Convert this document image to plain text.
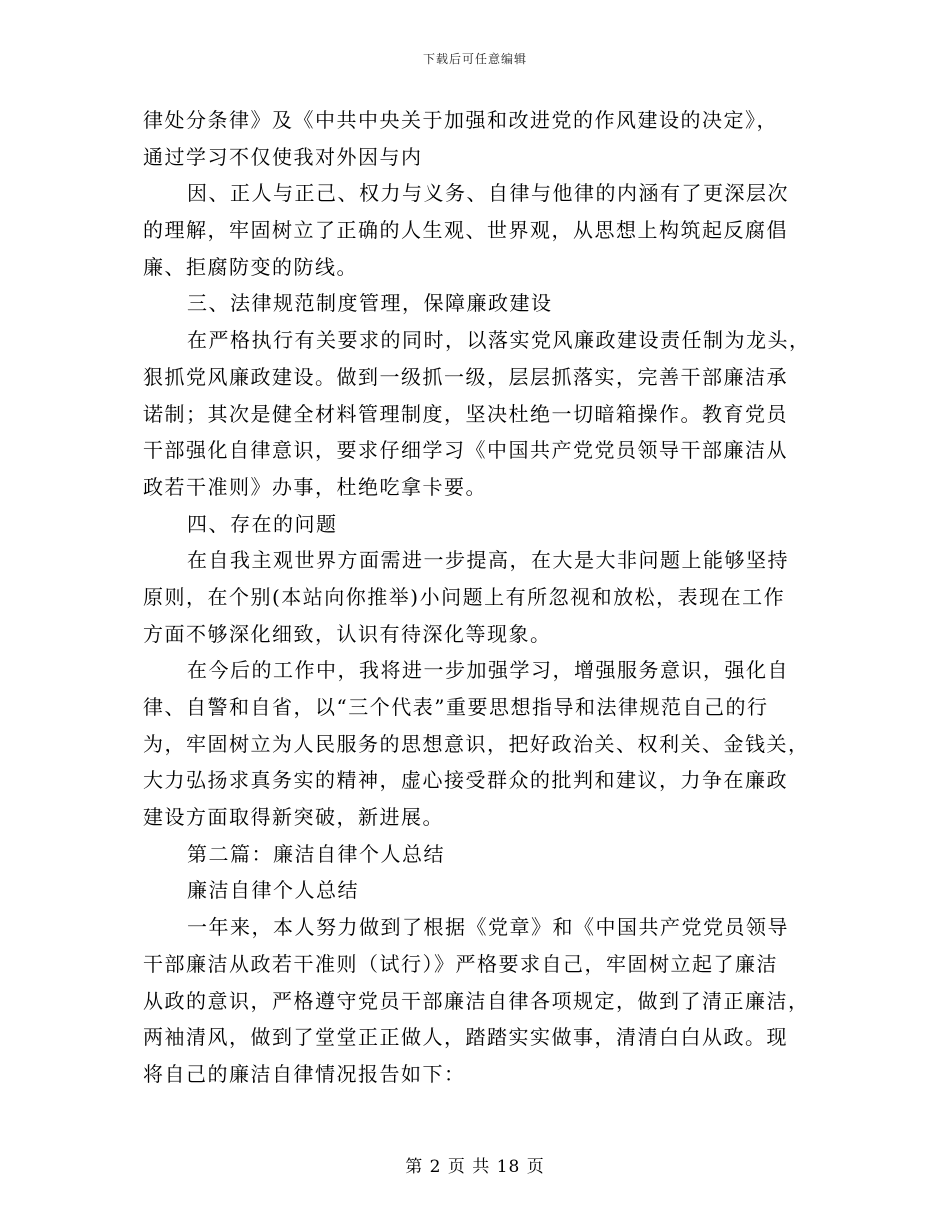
下载后可任意编辑
律处分条律》及《中共中央关于加强和改进党的作风建设的决定》，
通过学习不仅使我对外因与内
因、正人与正己、权力与义务、自律与他律的内涵有了更深层次
的理解，牢固树立了正确的人生观、世界观，从思想上构筑起反腐倡
廉、拒腐防变的防线。
三、法律规范制度管理，保障廉政建设
在严格执行有关要求的同时，以落实党风廉政建设责任制为龙头，
狠抓党风廉政建设。做到一级抓一级，层层抓落实，完善干部廉洁承
诺制；其次是健全材料管理制度，坚决杜绝一切暗箱操作。教育党员
干部强化自律意识，要求仔细学习《中国共产党党员领导干部廉洁从
政若干准则》办事，杜绝吃拿卡要。
四、存在的问题
在自我主观世界方面需进一步提高，在大是大非问题上能够坚持
原则，在个别(本站向你推举)小问题上有所忽视和放松，表现在工作
方面不够深化细致，认识有待深化等现象。
在今后的工作中，我将进一步加强学习，增强服务意识，强化自
律、自警和自省，以“三个代表”重要思想指导和法律规范自己的行
为，牢固树立为人民服务的思想意识，把好政治关、权利关、金钱关，
大力弘扬求真务实的精神，虚心接受群众的批判和建议，力争在廉政
建设方面取得新突破，新进展。
第二篇：廉洁自律个人总结
廉洁自律个人总结
一年来，本人努力做到了根据《党章》和《中国共产党党员领导
干部廉洁从政若干准则（试行）》严格要求自己，牢固树立起了廉洁
从政的意识，严格遵守党员干部廉洁自律各项规定，做到了清正廉洁，
两袖清风，做到了堂堂正正做人，踏踏实实做事，清清白白从政。现
将自己的廉洁自律情况报告如下：
第 2 页 共 18 页
